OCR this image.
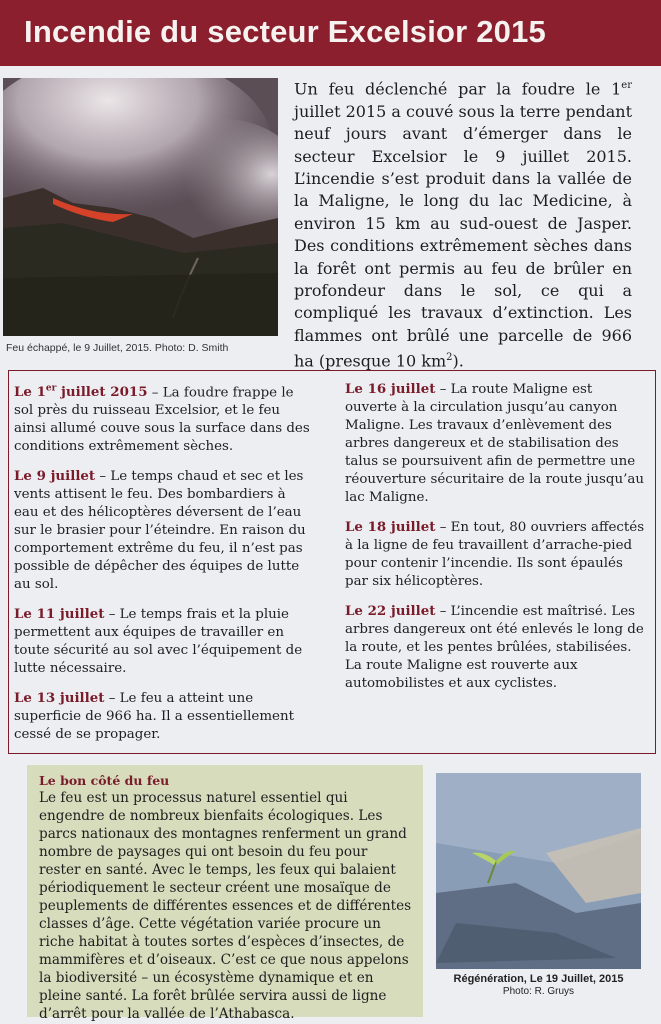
Incendie du secteur Excelsior 2015
Feu échappé, le 9 Juillet, 2015. Photo: D. Smith
Un feu déclenché par la foudre le 1er juillet 2015 a couvé sous la terre pendant neuf jours avant d’émerger dans le secteur Excelsior le 9 juillet 2015. L’incendie s’est produit dans la vallée de la Maligne, le long du lac Medicine, à environ 15 km au sud-ouest de Jasper. Des conditions extrêmement sèches dans la forêt ont permis au feu de brûler en profondeur dans le sol, ce qui a compliqué les travaux d’extinction. Les flammes ont brûlé une parcelle de 966 ha (presque 10 $km^2$).

Le 1er juillet 2015 – La foudre frappe le sol près du ruisseau Excelsior, et le feu ainsi allumé couve sous la surface dans des conditions extrêmement sèches.

Le 9 juillet – Le temps chaud et sec et les vents attisent le feu. Des bombardiers à eau et des hélicoptères déversent de l’eau sur le brasier pour l’éteindre. En raison du comportement extrême du feu, il n’est pas possible de dépêcher des équipes de lutte au sol.

Le 11 juillet – Le temps frais et la pluie permettent aux équipes de travailler en toute sécurité au sol avec l’équipement de lutte nécessaire.

Le 13 juillet – Le feu a atteint une superficie de 966 ha. Il a essentiellement cessé de se propager.

Le 16 juillet – La route Maligne est ouverte à la circulation jusqu’au canyon Maligne. Les travaux d’enlèvement des arbres dangereux et de stabilisation des talus se poursuivent afin de permettre une réouverture sécuritaire de la route jusqu’au lac Maligne.

Le 18 juillet – En tout, 80 ouvriers affectés à la ligne de feu travaillent d’arrache-pied pour contenir l’incendie. Ils sont épaulés par six hélicoptères.

Le 22 juillet – L’incendie est maîtrisé. Les arbres dangereux ont été enlevés le long de la route, et les pentes brûlées, stabilisées. La route Maligne est rouverte aux automobilistes et aux cyclistes.

Le bon côté du feu

Le feu est un processus naturel essentiel qui engendre de nombreux bienfaits écologiques. Les parcs nationaux des montagnes renferment un grand nombre de paysages qui ont besoin du feu pour rester en santé. Avec le temps, les feux qui balaient périodiquement le secteur créent une mosaïque de peuplements de différentes essences et de différentes classes d’âge. Cette végétation variée procure un riche habitat à toutes sortes d’espèces d’insectes, de mammifères et d’oiseaux. C’est ce que nous appelons la biodiversité – un écosystème dynamique et en pleine santé. La forêt brûlée servira aussi de ligne d’arrêt pour la vallée de l’Athabasca.

Régénération, Le 19 Juillet, 2015
Photo: R. Gruys
